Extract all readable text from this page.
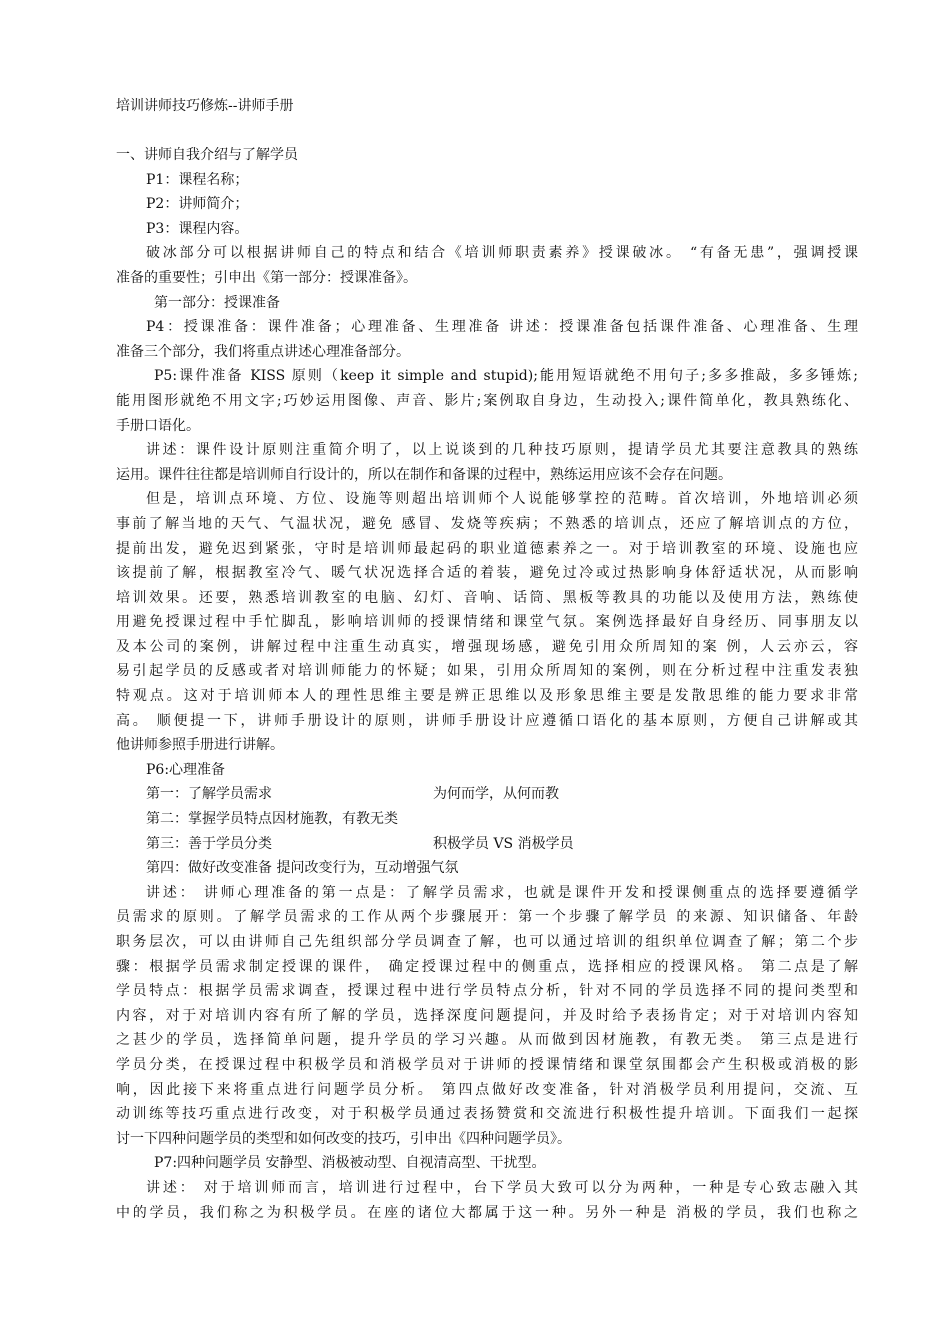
培训讲师技巧修炼--讲师手册
一、讲师自我介绍与了解学员
P1：课程名称；
P2：讲师简介；
P3：课程内容。
破冰部分可以根据讲师自己的特点和结合《培训师职责素养》授课破冰。 “有备无患”，强调授课
准备的重要性；引申出《第一部分：授课准备》。
第一部分：授课准备
P4：授课准备：课件准备；心理准备、生理准备 讲述：授课准备包括课件准备、心理准备、生理
准备三个部分，我们将重点讲述心理准备部分。
P5:课件准备 KISS 原则（keep it simple and stupid);能用短语就绝不用句子;多多推敲，多多锤炼;
能用图形就绝不用文字;巧妙运用图像、声音、影片;案例取自身边，生动投入;课件简单化，教具熟练化、
手册口语化。
讲述：课件设计原则注重简介明了，以上说谈到的几种技巧原则，提请学员尤其要注意教具的熟练
运用。课件往往都是培训师自行设计的，所以在制作和备课的过程中，熟练运用应该不会存在问题。
但是，培训点环境、方位、设施等则超出培训师个人说能够掌控的范畴。首次培训，外地培训必须
事前了解当地的天气、气温状况，避免 感冒、发烧等疾病；不熟悉的培训点，还应了解培训点的方位，
提前出发，避免迟到紧张，守时是培训师最起码的职业道德素养之一。对于培训教室的环境、设施也应
该提前了解，根据教室冷气、暖气状况选择合适的着装，避免过冷或过热影响身体舒适状况，从而影响
培训效果。还要，熟悉培训教室的电脑、幻灯、音响、话筒、黑板等教具的功能以及使用方法，熟练使
用避免授课过程中手忙脚乱，影响培训师的授课情绪和课堂气氛。案例选择最好自身经历、同事朋友以
及本公司的案例，讲解过程中注重生动真实，增强现场感，避免引用众所周知的案 例，人云亦云，容
易引起学员的反感或者对培训师能力的怀疑；如果，引用众所周知的案例，则在分析过程中注重发表独
特观点。这对于培训师本人的理性思维主要是辨正思维以及形象思维主要是发散思维的能力要求非常
高。 顺便提一下，讲师手册设计的原则，讲师手册设计应遵循口语化的基本原则，方便自己讲解或其
他讲师参照手册进行讲解。
P6:心理准备
第一：了解学员需求	为何而学，从何而教
第二：掌握学员特点因材施教，有教无类
第三：善于学员分类	积极学员 VS 消极学员
第四：做好改变准备 提问改变行为，互动增强气氛
讲述： 讲师心理准备的第一点是：了解学员需求，也就是课件开发和授课侧重点的选择要遵循学
员需求的原则。了解学员需求的工作从两个步骤展开：第一个步骤了解学员 的来源、知识储备、年龄
职务层次，可以由讲师自己先组织部分学员调查了解，也可以通过培训的组织单位调查了解；第二个步
骤：根据学员需求制定授课的课件， 确定授课过程中的侧重点，选择相应的授课风格。 第二点是了解
学员特点：根据学员需求调查，授课过程中进行学员特点分析，针对不同的学员选择不同的提问类型和
内容，对于对培训内容有所了解的学员，选择深度问题提问，并及时给予表扬肯定；对于对培训内容知
之甚少的学员，选择简单问题，提升学员的学习兴趣。从而做到因材施教，有教无类。 第三点是进行
学员分类，在授课过程中积极学员和消极学员对于讲师的授课情绪和课堂氛围都会产生积极或消极的影
响，因此接下来将重点进行问题学员分析。 第四点做好改变准备，针对消极学员利用提问，交流、互
动训练等技巧重点进行改变，对于积极学员通过表扬赞赏和交流进行积极性提升培训。下面我们一起探
讨一下四种问题学员的类型和如何改变的技巧，引申出《四种问题学员》。
P7:四种问题学员 安静型、消极被动型、自视清高型、干扰型。
讲述： 对于培训师而言，培训进行过程中，台下学员大致可以分为两种，一种是专心致志融入其
中的学员，我们称之为积极学员。在座的诸位大都属于这一种。另外一种是 消极的学员，我们也称之
